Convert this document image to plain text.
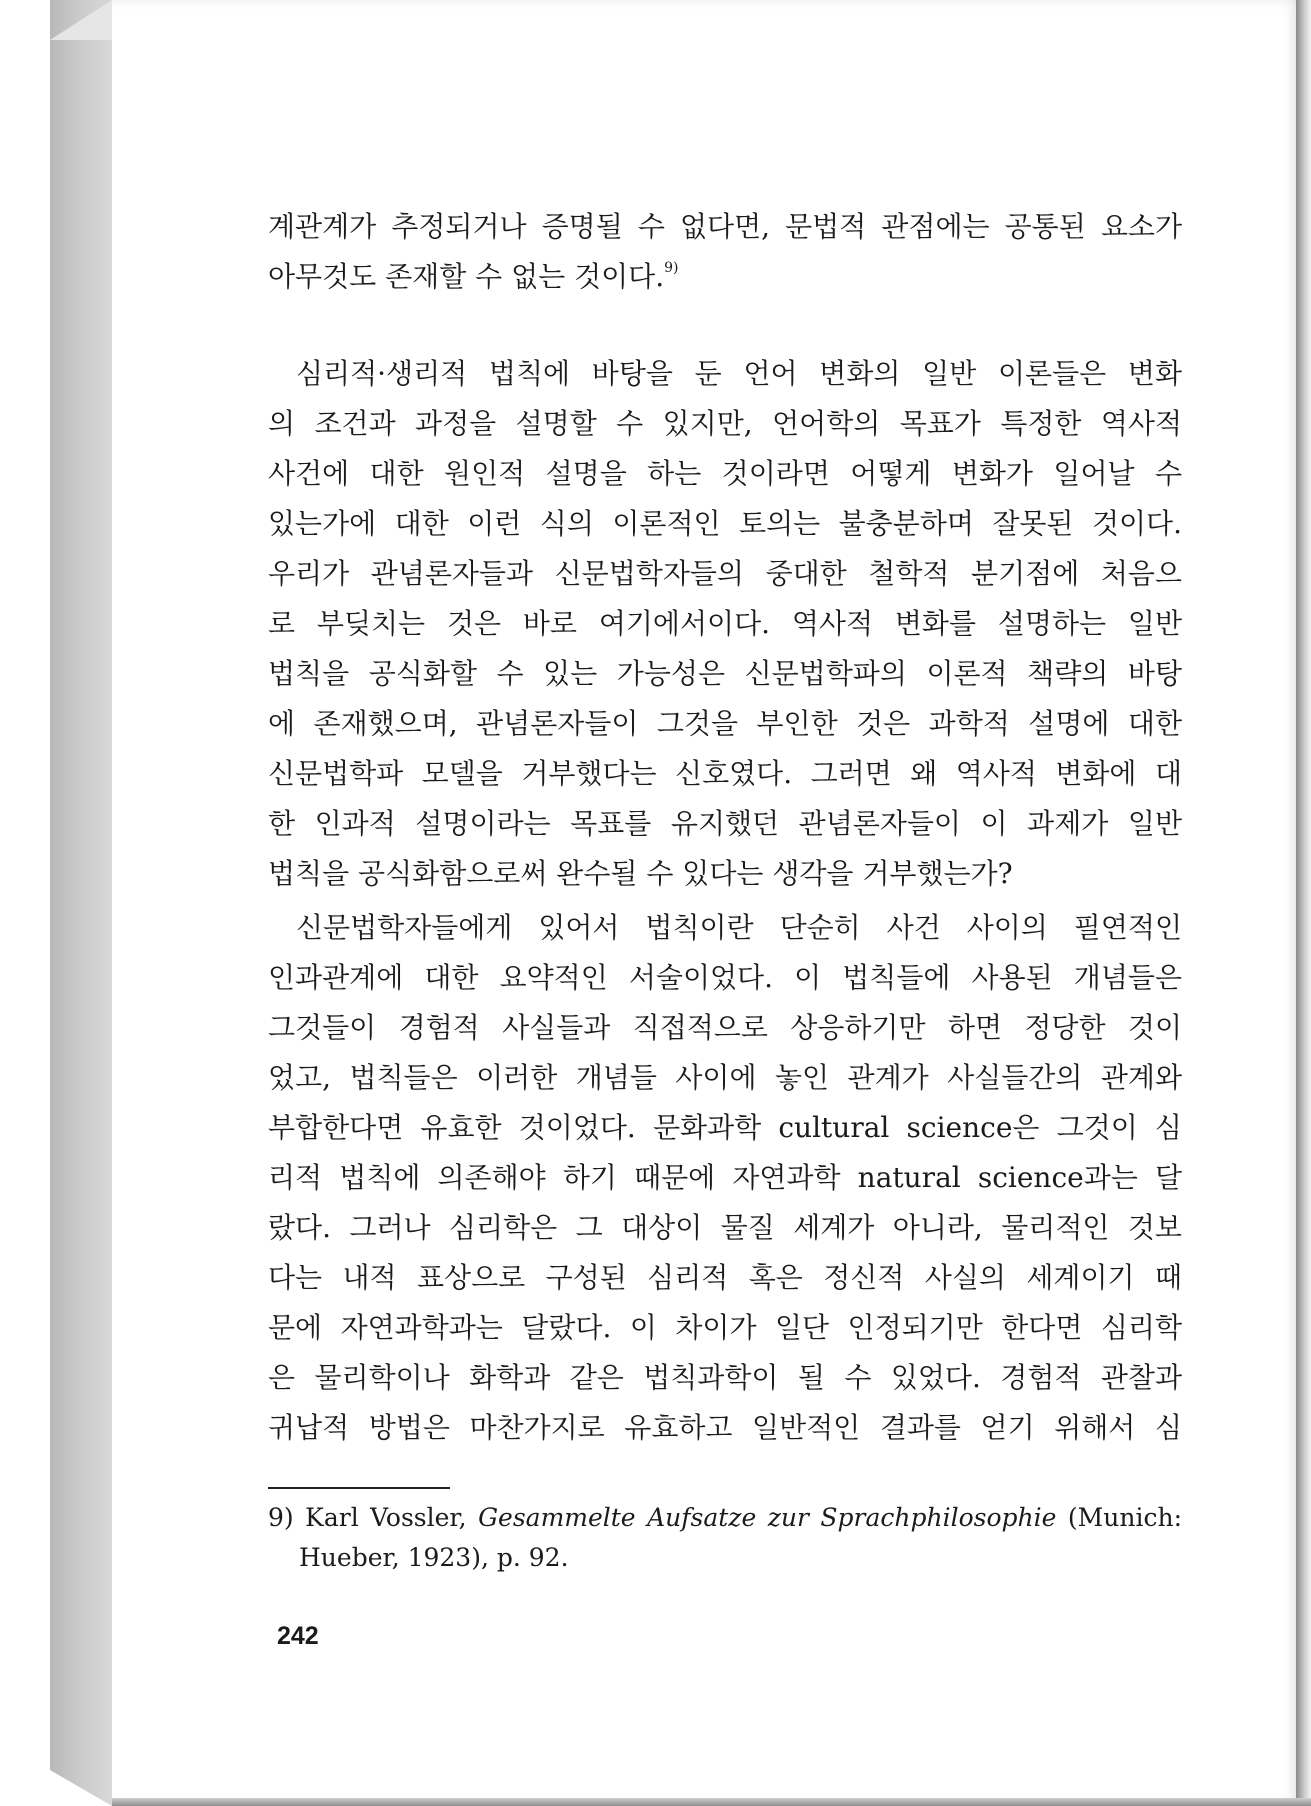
계관계가 추정되거나 증명될 수 없다면, 문법적 관점에는 공통된 요소가
아무것도 존재할 수 없는 것이다.$^{9)}$
심리적·생리적 법칙에 바탕을 둔 언어 변화의 일반 이론들은 변화
의 조건과 과정을 설명할 수 있지만, 언어학의 목표가 특정한 역사적
사건에 대한 원인적 설명을 하는 것이라면 어떻게 변화가 일어날 수
있는가에 대한 이런 식의 이론적인 토의는 불충분하며 잘못된 것이다.
우리가 관념론자들과 신문법학자들의 중대한 철학적 분기점에 처음으
로 부딪치는 것은 바로 여기에서이다. 역사적 변화를 설명하는 일반
법칙을 공식화할 수 있는 가능성은 신문법학파의 이론적 책략의 바탕
에 존재했으며, 관념론자들이 그것을 부인한 것은 과학적 설명에 대한
신문법학파 모델을 거부했다는 신호였다. 그러면 왜 역사적 변화에 대
한 인과적 설명이라는 목표를 유지했던 관념론자들이 이 과제가 일반
법칙을 공식화함으로써 완수될 수 있다는 생각을 거부했는가?
신문법학자들에게 있어서 법칙이란 단순히 사건 사이의 필연적인
인과관계에 대한 요약적인 서술이었다. 이 법칙들에 사용된 개념들은
그것들이 경험적 사실들과 직접적으로 상응하기만 하면 정당한 것이
었고, 법칙들은 이러한 개념들 사이에 놓인 관계가 사실들간의 관계와
부합한다면 유효한 것이었다. 문화과학 cultural science은 그것이 심
리적 법칙에 의존해야 하기 때문에 자연과학 natural science과는 달
랐다. 그러나 심리학은 그 대상이 물질 세계가 아니라, 물리적인 것보
다는 내적 표상으로 구성된 심리적 혹은 정신적 사실의 세계이기 때
문에 자연과학과는 달랐다. 이 차이가 일단 인정되기만 한다면 심리학
은 물리학이나 화학과 같은 법칙과학이 될 수 있었다. 경험적 관찰과
귀납적 방법은 마찬가지로 유효하고 일반적인 결과를 얻기 위해서 심
9) Karl Vossler, Gesammelte Aufsatze zur Sprachphilosophie (Munich:
Hueber, 1923), p. 92.
242
